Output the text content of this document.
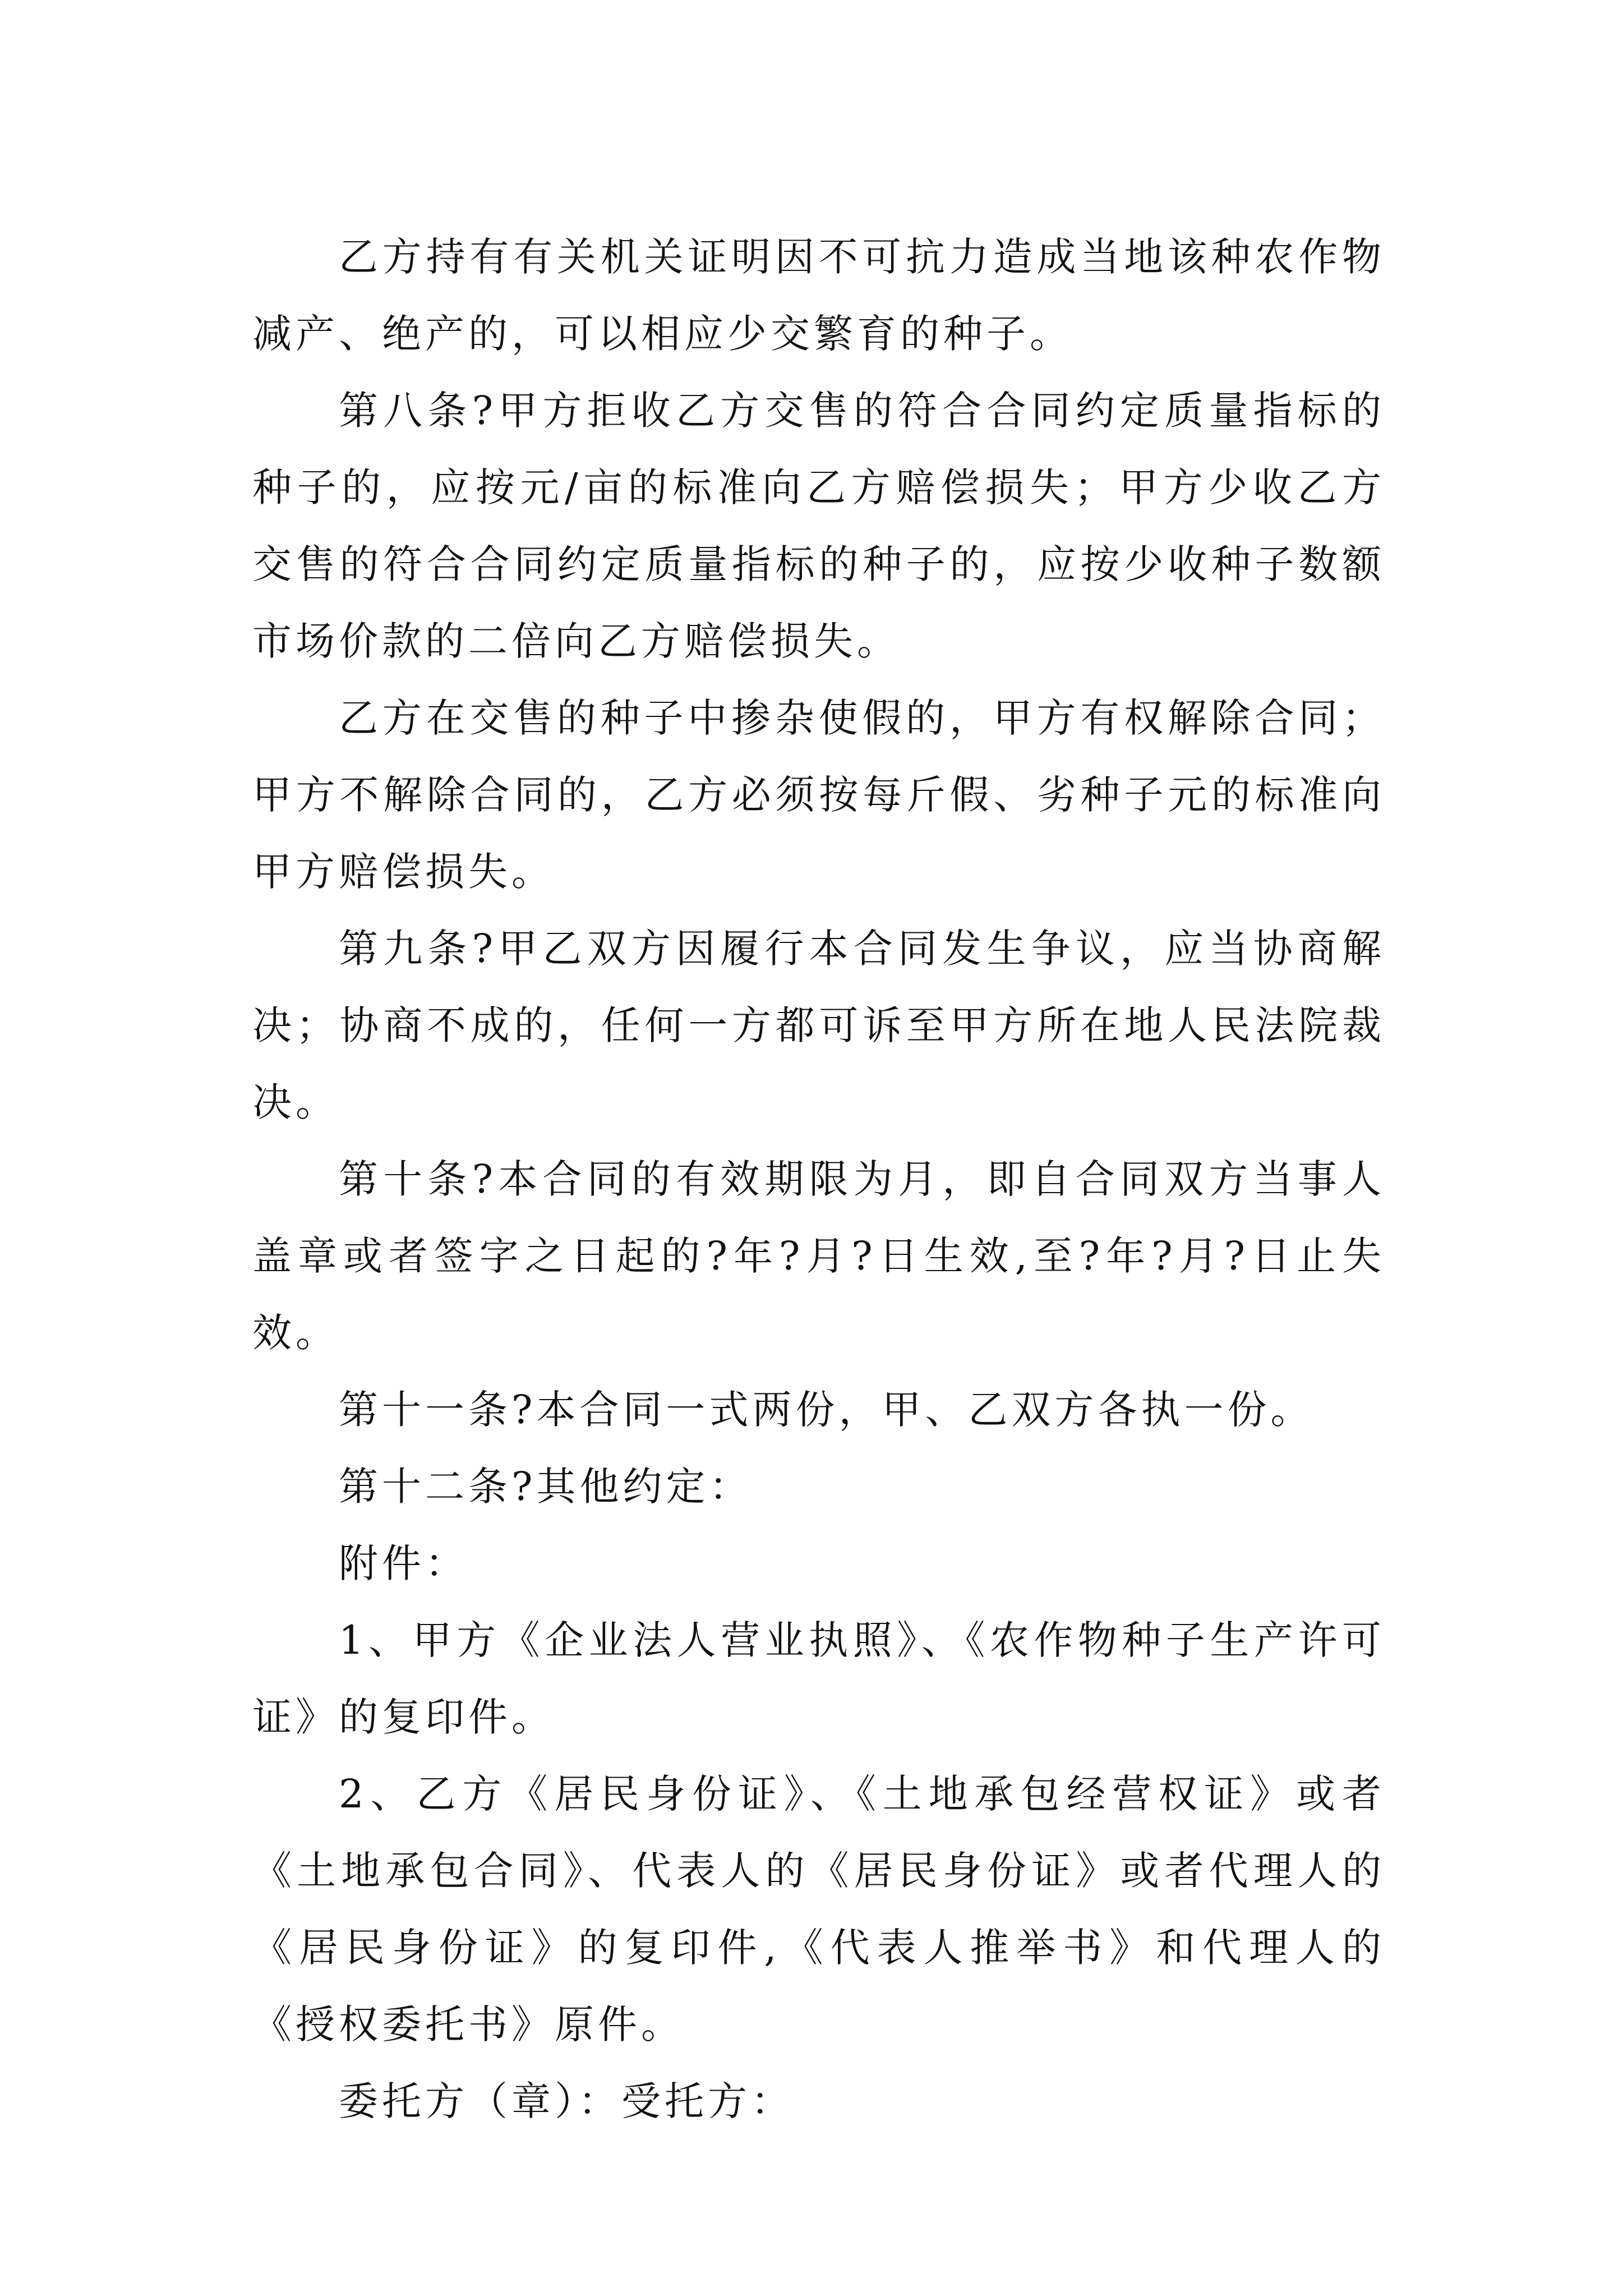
乙方持有有关机关证明因不可抗力造成当地该种农作物减产、绝产的，可以相应少交繁育的种子。

第八条?甲方拒收乙方交售的符合合同约定质量指标的种子的，应按元/亩的标准向乙方赔偿损失；甲方少收乙方交售的符合合同约定质量指标的种子的，应按少收种子数额市场价款的二倍向乙方赔偿损失。

乙方在交售的种子中掺杂使假的，甲方有权解除合同；甲方不解除合同的，乙方必须按每斤假、劣种子元的标准向甲方赔偿损失。

第九条?甲乙双方因履行本合同发生争议，应当协商解决；协商不成的，任何一方都可诉至甲方所在地人民法院裁决。

第十条?本合同的有效期限为月，即自合同双方当事人盖章或者签字之日起的?年?月?日生效,至?年?月?日止失效。

第十一条?本合同一式两份，甲、乙双方各执一份。

第十二条?其他约定：

附件：

1、甲方《企业法人营业执照》、《农作物种子生产许可证》的复印件。

2、乙方《居民身份证》、《土地承包经营权证》或者《土地承包合同》、代表人的《居民身份证》或者代理人的《居民身份证》的复印件,《代表人推举书》和代理人的《授权委托书》原件。

委托方（章）：受托方：
